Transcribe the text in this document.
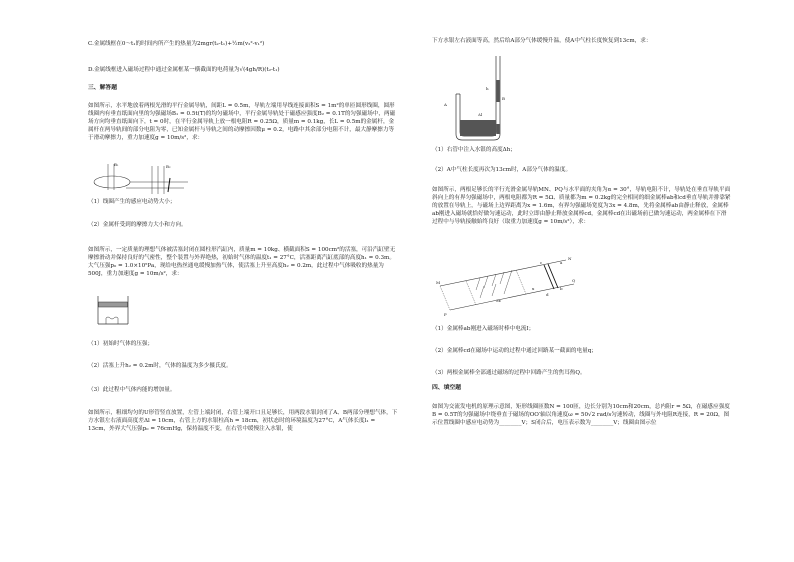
C.金属线框在0～t₁的时间内所产生的热量为2mgr(t₂-t₁)+½m(v₂²-v₁²)

D.金属线框进入磁场过程中通过金属框某一横截面的电荷量为√(4gh/R)(t₂-t₁)

三、解答题

如图所示，水平地放着两根光滑的平行金属导轨，间距L = 0.5m，导轨左端用导线连接面积S = 1m²的单匝圆形线圈，圆形线圈内有垂直纸面向里的匀强磁场B₁ = 0.5t(T)的均匀磁场中，平行金属导轨处于磁感应强度B₂ = 0.1T的匀强磁场中，两磁场方向均垂直纸面向下，t = 0时，在平行金属导轨上放一根电阻R = 0.25Ω，质量m = 0.1kg，长L = 0.5m的金属杆，金属杆在两导轨间的部分电阻为零，已知金属杆与导轨之间的动摩擦因数μ = 0.2，电路中其余部分电阻不计，最大静摩擦力等于滑动摩擦力，重力加速度g = 10m/s²，求：

B₁	B₂

（1）线圈产生的感应电动势大小；

（2）金属杆受到的摩擦力大小和方向。

如图所示，一定质量的理想气体被活塞封闭在圆柱形汽缸内，质量m = 10kg、横截面积S = 100cm²的活塞，可沿汽缸壁无摩擦滑动并保持良好的气密性，整个装置与外界绝热，初始时气体的温度t₁ = 27°C，活塞距离汽缸底部的高度h₁ = 0.3m。大气压强p₀ = 1.0×10⁵Pa，现给电热丝通电缓慢加热气体，使活塞上升至高度h₂ = 0.2m，此过程中气体吸收的热量为500J，重力加速度g = 10m/s²，求：

（1）初始时气体的压强；

（2）活塞上升h₂ = 0.2m时，气体的温度为多少摄氏度。

（3）此过程中气体内能的增加量。

如图所示，粗细均匀的U形管竖直放置，左管上端封闭，右管上端开口且足够长，用两段水银封闭了A、B两部分理想气体，下方水银左右液面高度差Δl = 10cm，右管上方的水银柱高h = 18cm，初状态时的环境温度为27°C，A气体长度l₁ = 13cm，外界大气压强p₀ = 76cmHg，保持温度不变，在右管中缓慢注入水银，使

下方水银左右液面等高，然后给A部分气体缓慢升温，使A中气柱长度恢复到13cm，求：

A
B
Δl
h

（1）右管中注入水银的高度Δh；

（2）A中气柱长度再次为13cm时，A部分气体的温度。

如图所示，两根足够长的平行光滑金属导轨MN、PQ与水平面的夹角为α = 30°，导轨电阻不计，导轨处在垂直导轨平面斜向上的有界匀强磁场中，两根电阻都为R = 5Ω、质量都为m = 0.2kg的完全相同的细金属棒ab和cd垂直导轨并排靠紧的放置在导轨上，与磁场上边界距离为x = 1.6m，有界匀强磁场宽度为3x = 4.8m，先将金属棒ab由静止释放，金属棒ab刚进入磁场就恰好做匀速运动，此时立即由静止释放金属棒cd，金属棒cd在出磁场前已做匀速运动，两金属棒在下滑过程中与导轨接触始终良好（取重力加速度g = 10m/s²），求：

M
N
P
Q
a
b
c
d
x
3x

（1）金属棒ab刚进入磁场时棒中电流I；

（2）金属棒cd在磁场中运动的过程中通过回路某一截面的电量q；

（3）两根金属棒全部通过磁场的过程中回路产生的焦耳热Q。

四、填空题

如图为交流发电机的原理示意图，矩形线圈匝数N = 100匝，边长分别为10cm和20cm，总内阻r = 5Ω，在磁感应强度B = 0.5T的匀强磁场中绕垂直于磁场的OO′轴以角速度ω = 50√2 rad/s匀速转动，线圈与外电阻R连接，R = 20Ω，图示位置线圈中感应电动势为________V；S闭合后，电压表示数为________V；线圈由图示位
